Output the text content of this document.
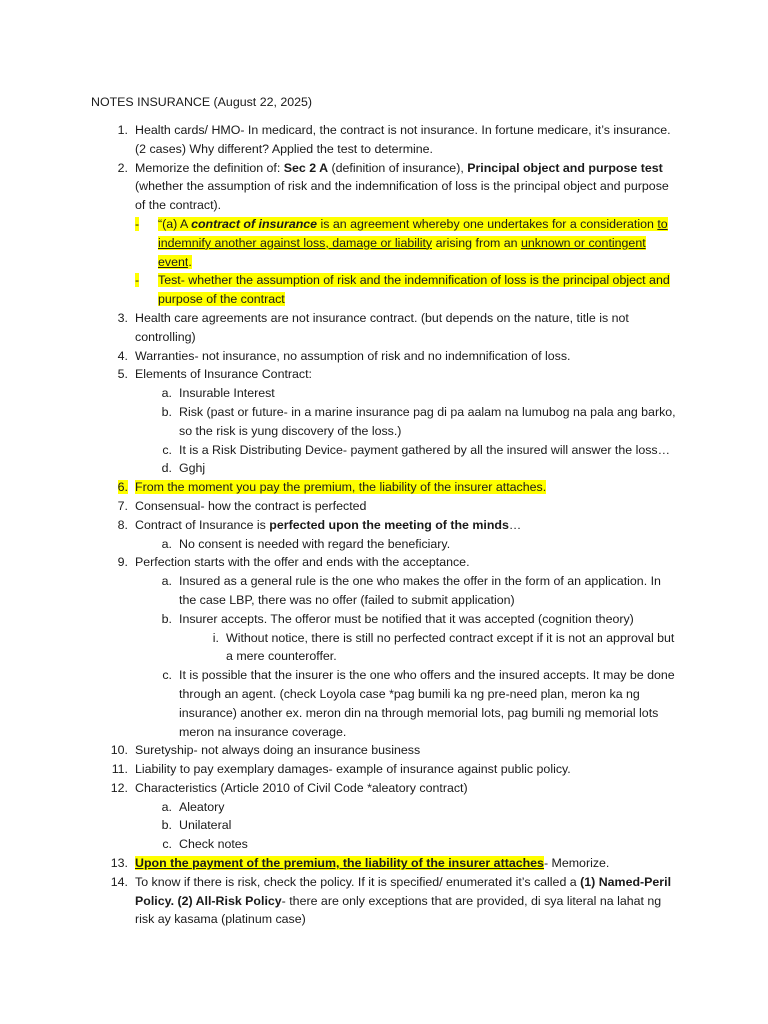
NOTES INSURANCE (August 22, 2025)
1. Health cards/ HMO- In medicard, the contract is not insurance. In fortune medicare, it’s insurance. (2 cases) Why different? Applied the test to determine.
2. Memorize the definition of: Sec 2 A (definition of insurance), Principal object and purpose test (whether the assumption of risk and the indemnification of loss is the principal object and purpose of the contract).
-	“(a) A contract of insurance is an agreement whereby one undertakes for a consideration to indemnify another against loss, damage or liability arising from an unknown or contingent event.
-	Test- whether the assumption of risk and the indemnification of loss is the principal object and purpose of the contract
3. Health care agreements are not insurance contract. (but depends on the nature, title is not controlling)
4. Warranties- not insurance, no assumption of risk and no indemnification of loss.
5. Elements of Insurance Contract:
a. Insurable Interest
b. Risk (past or future- in a marine insurance pag di pa aalam na lumubog na pala ang barko, so the risk is yung discovery of the loss.)
c. It is a Risk Distributing Device- payment gathered by all the insured will answer the loss…
d. Gghj
6. From the moment you pay the premium, the liability of the insurer attaches.
7. Consensual- how the contract is perfected
8. Contract of Insurance is perfected upon the meeting of the minds…
a. No consent is needed with regard the beneficiary.
9. Perfection starts with the offer and ends with the acceptance.
a. Insured as a general rule is the one who makes the offer in the form of an application. In the case LBP, there was no offer (failed to submit application)
b. Insurer accepts. The offeror must be notified that it was accepted (cognition theory)
i. Without notice, there is still no perfected contract except if it is not an approval but a mere counteroffer.
c. It is possible that the insurer is the one who offers and the insured accepts. It may be done through an agent. (check Loyola case *pag bumili ka ng pre-need plan, meron ka ng insurance) another ex. meron din na through memorial lots, pag bumili ng memorial lots meron na insurance coverage.
10. Suretyship- not always doing an insurance business
11. Liability to pay exemplary damages- example of insurance against public policy.
12. Characteristics (Article 2010 of Civil Code *aleatory contract)
a. Aleatory
b. Unilateral
c. Check notes
13. Upon the payment of the premium, the liability of the insurer attaches- Memorize.
14. To know if there is risk, check the policy. If it is specified/ enumerated it’s called a (1) Named-Peril Policy. (2) All-Risk Policy- there are only exceptions that are provided, di sya literal na lahat ng risk ay kasama (platinum case)
